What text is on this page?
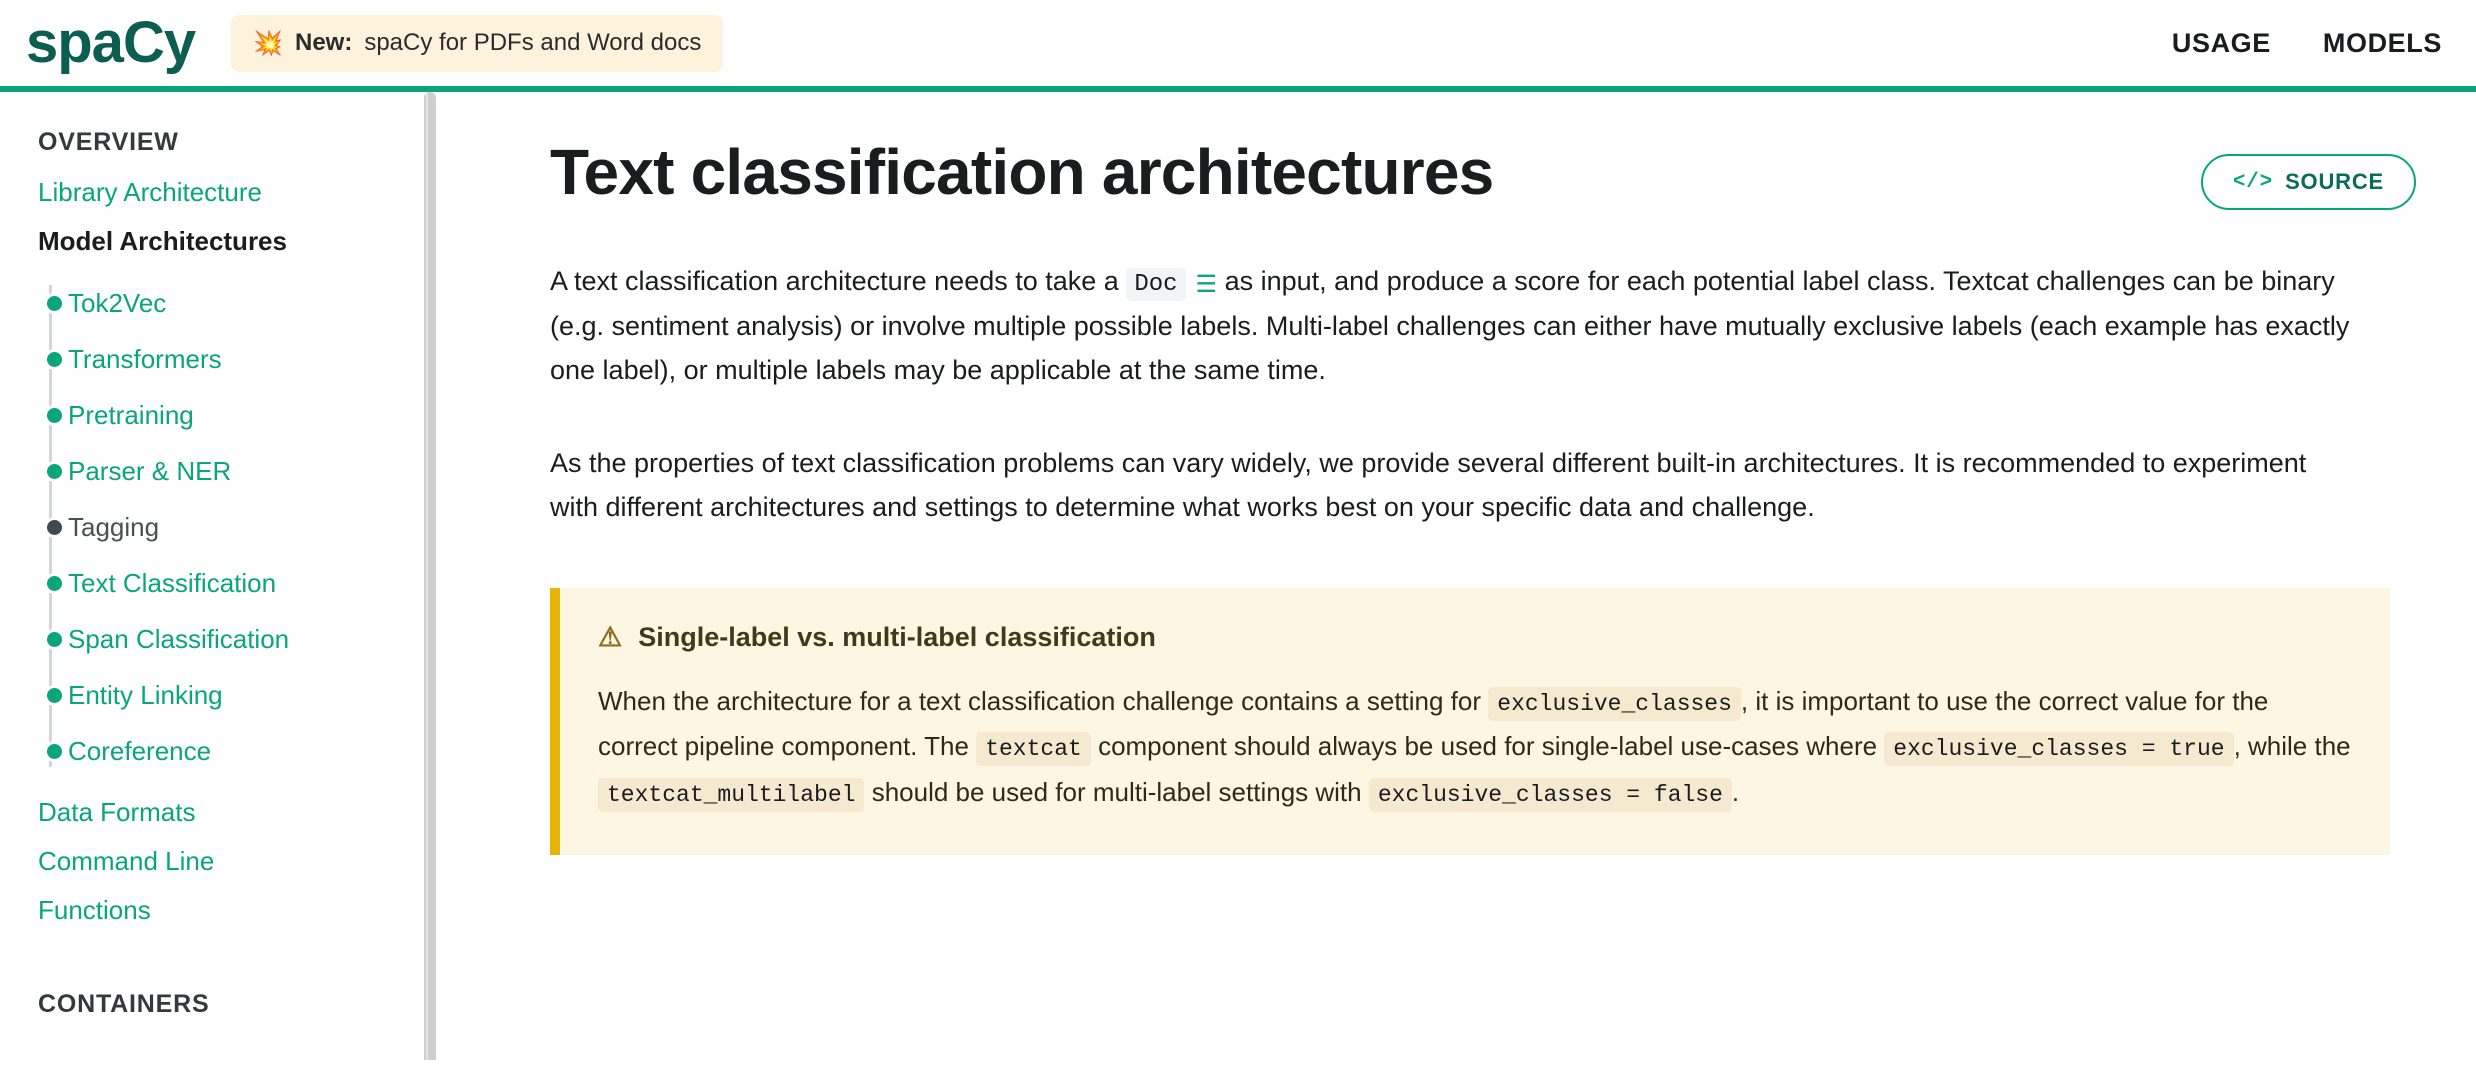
spaCy 💥 New: spaCy for PDFs and Word docs	USAGE MODELS
OVERVIEW
Library Architecture
Model Architectures
Tok2Vec
Transformers
Pretraining
Parser & NER
Tagging
Text Classification
Span Classification
Entity Linking
Coreference
Data Formats
Command Line
Functions
CONTAINERS
Text classification architectures	</> SOURCE

A text classification architecture needs to take a Doc ☰ as input, and produce a score for each potential label class. Textcat challenges can be binary (e.g. sentiment analysis) or involve multiple possible labels. Multi-label challenges can either have mutually exclusive labels (each example has exactly one label), or multiple labels may be applicable at the same time.

As the properties of text classification problems can vary widely, we provide several different built-in architectures. It is recommended to experiment with different architectures and settings to determine what works best on your specific data and challenge.

⚠ Single-label vs. multi-label classification

When the architecture for a text classification challenge contains a setting for exclusive_classes , it is important to use the correct value for the correct pipeline component. The textcat component should always be used for single-label use-cases where exclusive_classes = true , while the textcat_multilabel should be used for multi-label settings with exclusive_classes = false .
